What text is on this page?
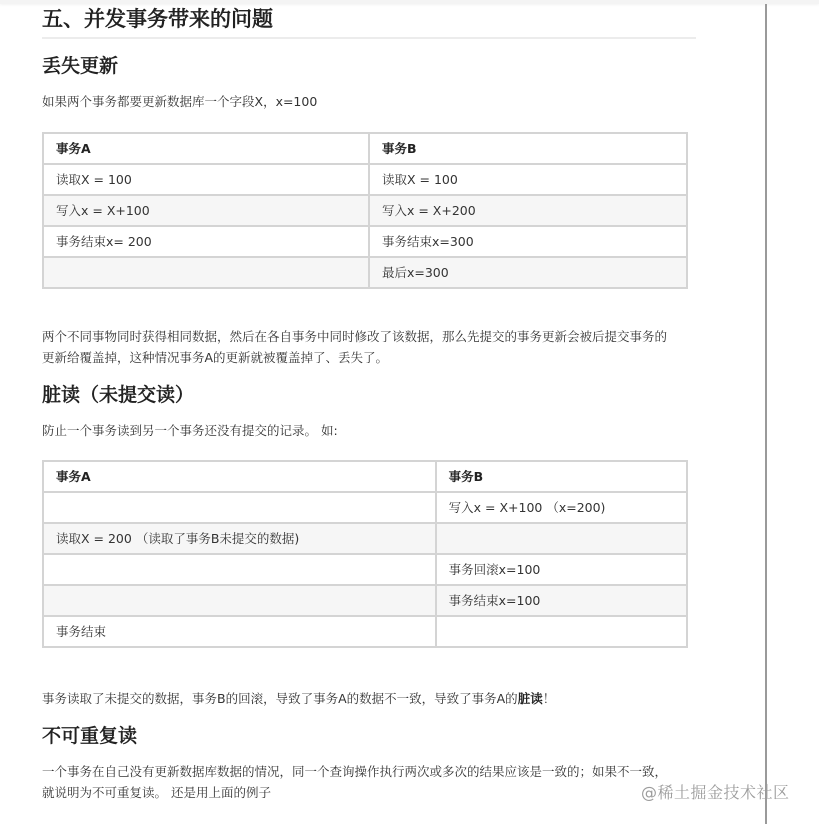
五、并发事务带来的问题
丢失更新

如果两个事务都要更新数据库一个字段X，x=100

事务A	事务B
读取X = 100	读取X = 100
写入x = X+100	写入x = X+200
事务结束x= 200	事务结束x=300
	最后x=300

两个不同事物同时获得相同数据，然后在各自事务中同时修改了该数据，那么先提交的事务更新会被后提交事务的

更新给覆盖掉，这种情况事务A的更新就被覆盖掉了、丢失了。

脏读（未提交读）

防止一个事务读到另一个事务还没有提交的记录。 如:

事务A	事务B
	写入x = X+100 （x=200)
读取X = 200 （读取了事务B未提交的数据)	
	事务回滚x=100
	事务结束x=100
事务结束	

事务读取了未提交的数据，事务B的回滚，导致了事务A的数据不一致，导致了事务A的脏读！

不可重复读

一个事务在自己没有更新数据库数据的情况，同一个查询操作执行两次或多次的结果应该是一致的；如果不一致，

就说明为不可重复读。 还是用上面的例子	@稀土掘金技术社区
